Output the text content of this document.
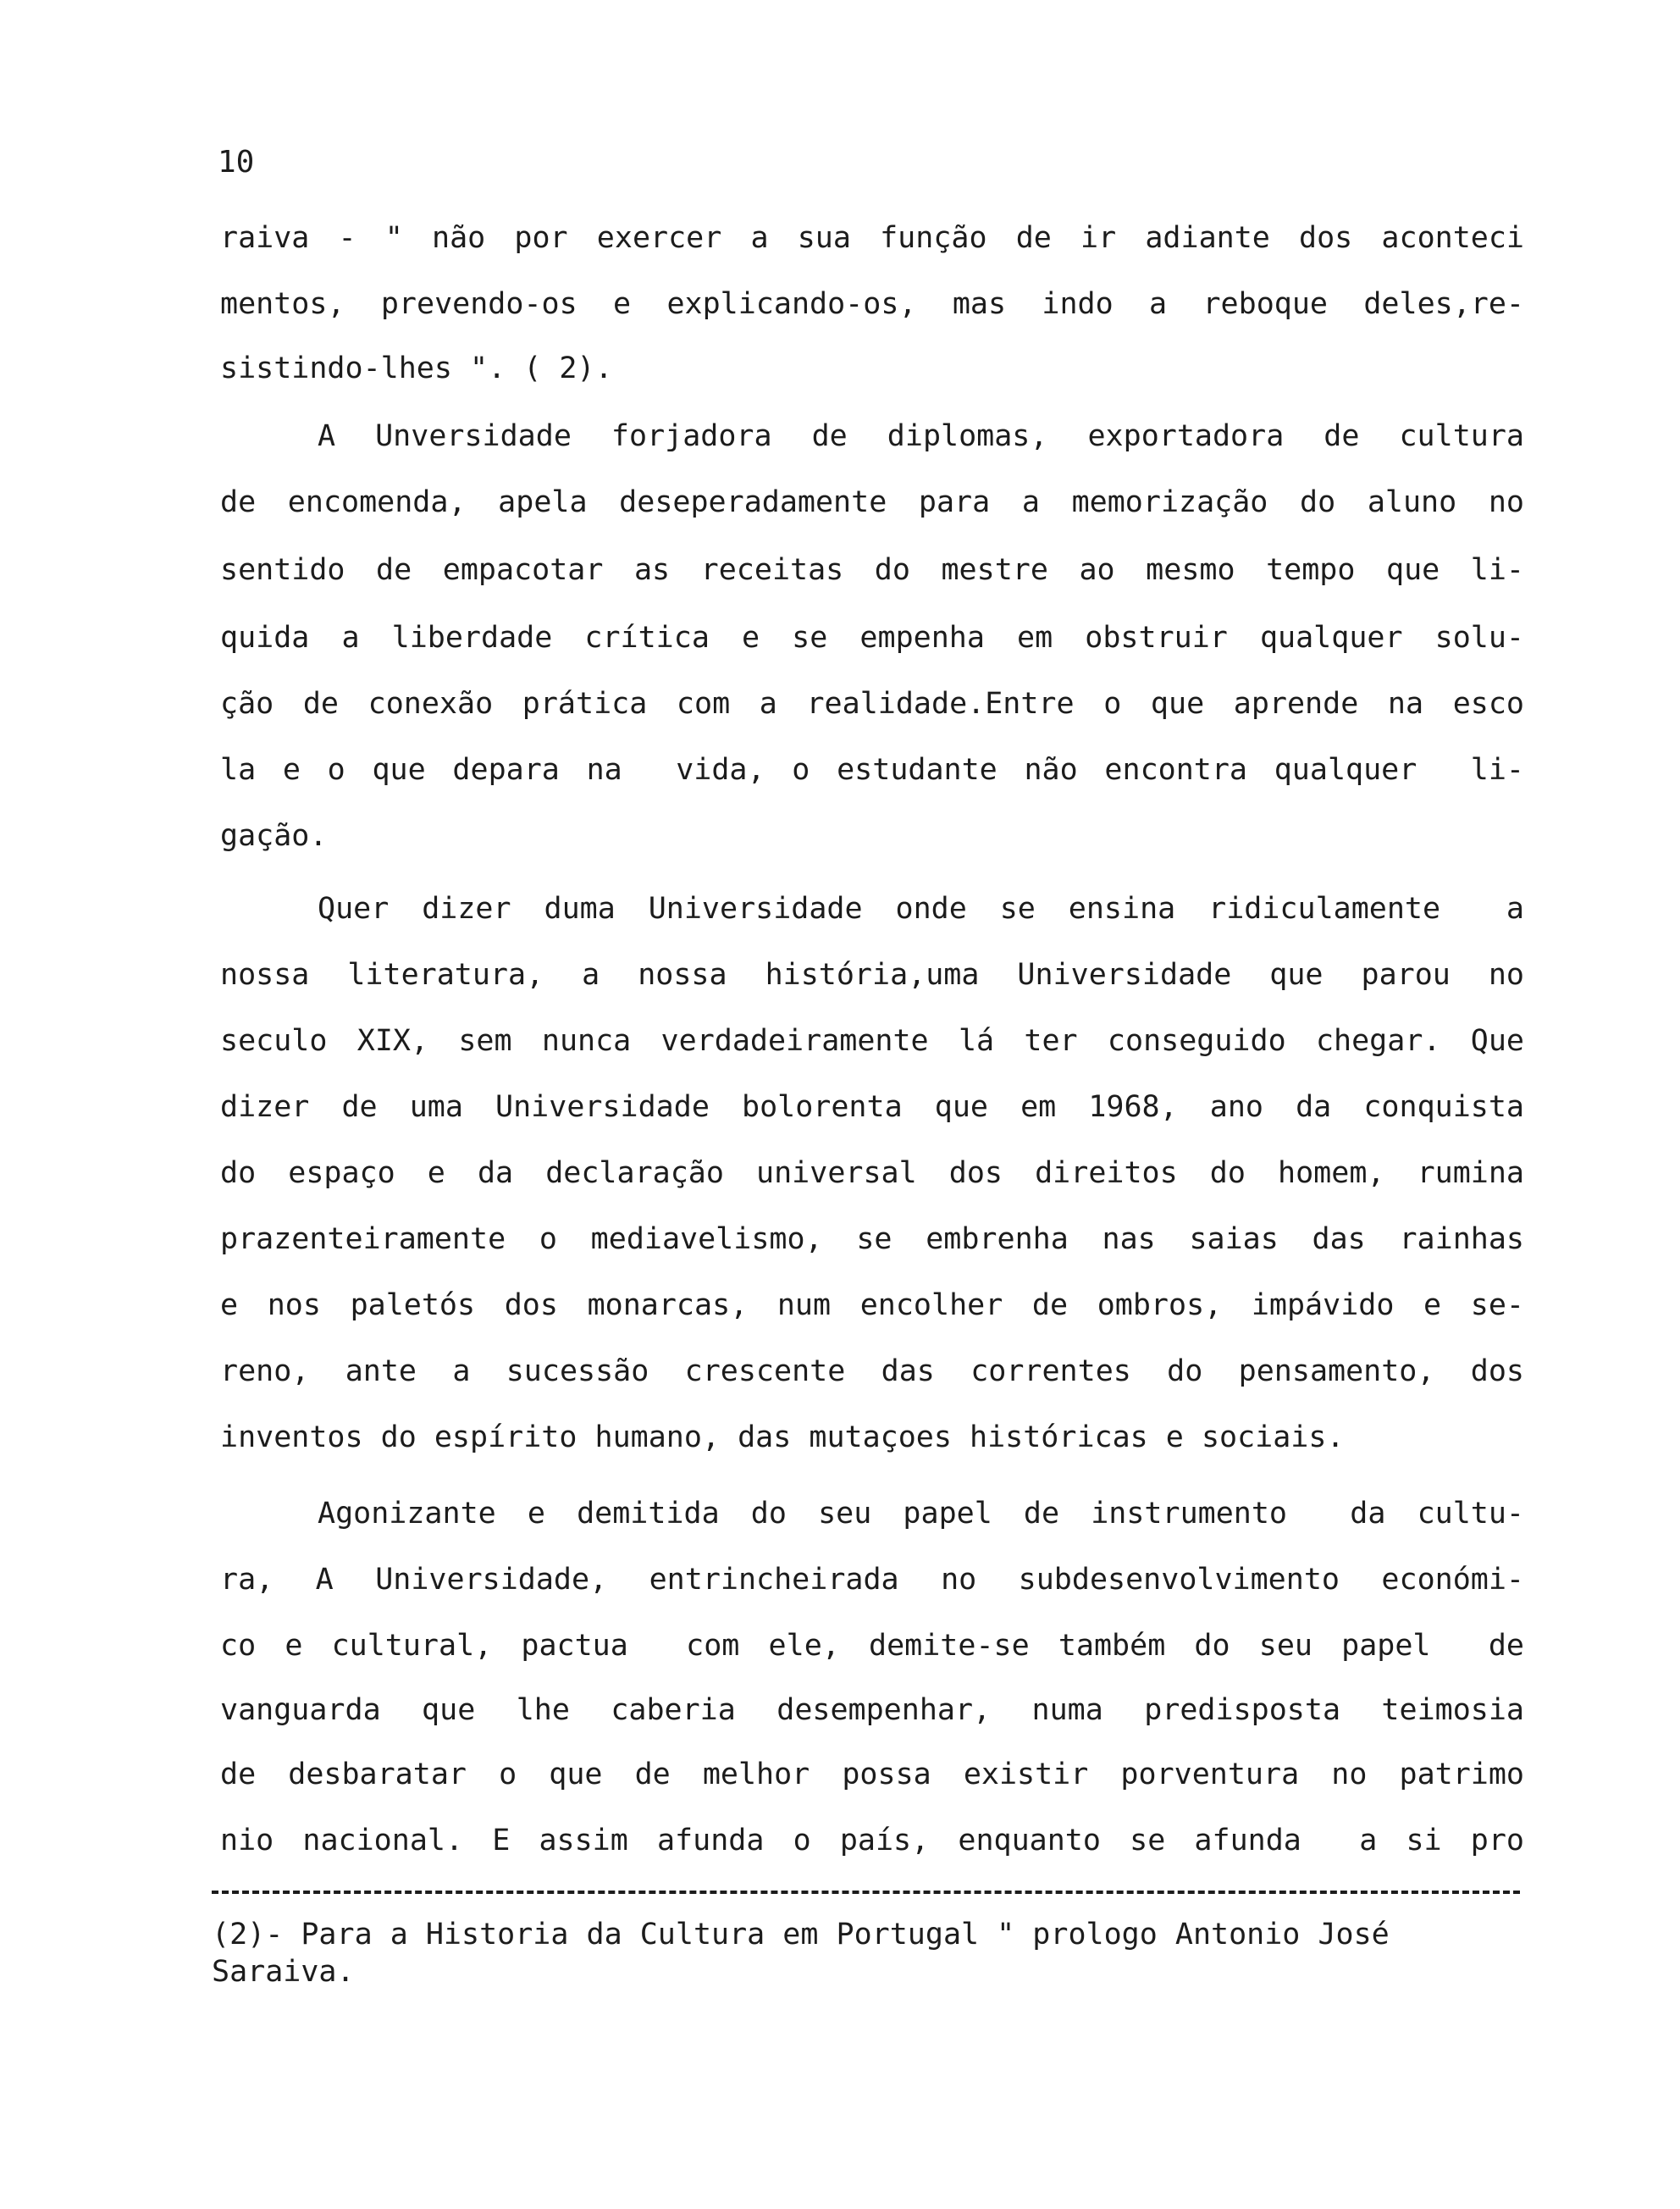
10
raiva - " não por exercer a sua função de ir adiante dos aconteci
mentos, prevendo-os e explicando-os, mas indo a reboque deles,re-
sistindo-lhes ". ( 2).
A Unversidade forjadora de diplomas, exportadora de cultura
de encomenda, apela deseperadamente para a memorização do aluno no
sentido de empacotar as receitas do mestre ao mesmo tempo que li-
quida a liberdade crítica e se empenha em obstruir qualquer solu-
ção de conexão prática com a realidade.Entre o que aprende na esco
la e o que depara na  vida, o estudante não encontra qualquer  li-
gação.
Quer dizer duma Universidade onde se ensina ridiculamente  a
nossa literatura, a nossa história,uma Universidade que parou no
seculo XIX, sem nunca verdadeiramente lá ter conseguido chegar. Que
dizer de uma Universidade bolorenta que em 1968, ano da conquista
do espaço e da declaração universal dos direitos do homem, rumina
prazenteiramente o mediavelismo, se embrenha nas saias das rainhas
e nos paletós dos monarcas, num encolher de ombros, impávido e se-
reno, ante a sucessão crescente das correntes do pensamento, dos
inventos do espírito humano, das mutaçoes históricas e sociais.
Agonizante e demitida do seu papel de instrumento  da cultu-
ra, A Universidade, entrincheirada no subdesenvolvimento económi-
co e cultural, pactua  com ele, demite-se também do seu papel  de
vanguarda que lhe caberia desempenhar, numa predisposta teimosia
de desbaratar o que de melhor possa existir porventura no patrimo
nio nacional. E assim afunda o país, enquanto se afunda  a si pro
(2)- Para a Historia da Cultura em Portugal " prologo Antonio José Saraiva.
